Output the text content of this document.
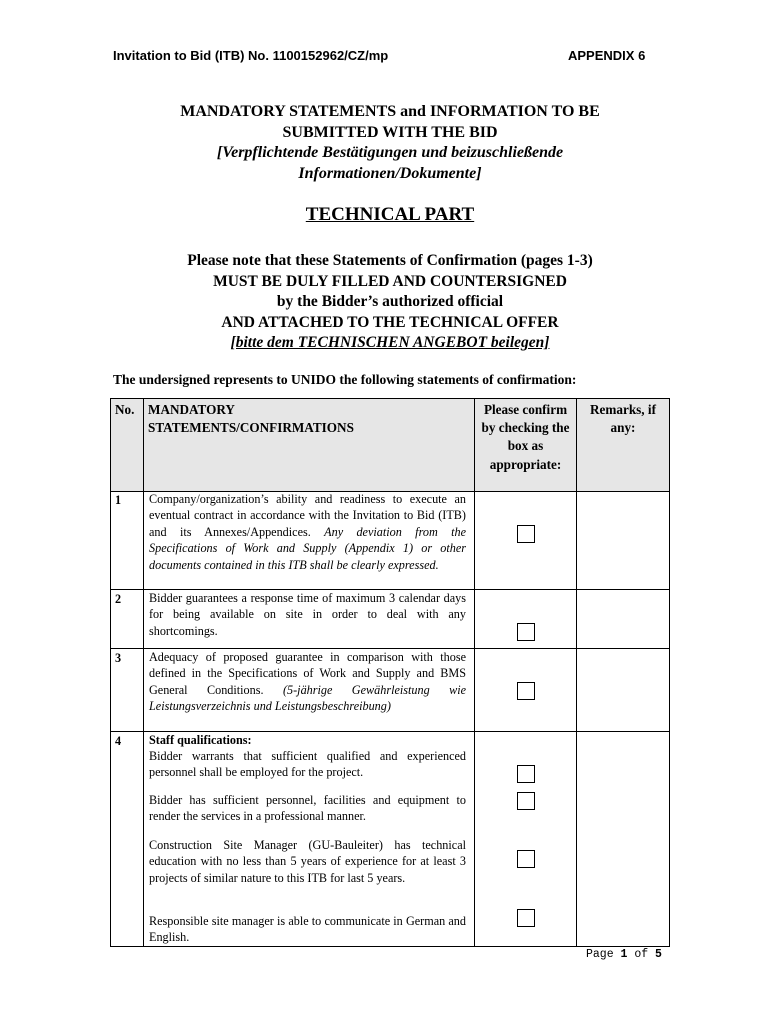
Invitation to Bid (ITB) No. 1100152962/CZ/mp	APPENDIX 6
MANDATORY STATEMENTS and INFORMATION TO BE
SUBMITTED WITH THE BID
[Verpflichtende Bestätigungen und beizuschließende
Informationen/Dokumente]
TECHNICAL PART
Please note that these Statements of Confirmation (pages 1-3)
MUST BE DULY FILLED AND COUNTERSIGNED
by the Bidder’s authorized official
AND ATTACHED TO THE TECHNICAL OFFER
[bitte dem TECHNISCHEN ANGEBOT beilegen]
The undersigned represents to UNIDO the following statements of confirmation:
No. MANDATORY STATEMENTS/CONFIRMATIONS
Please confirm by checking the box as appropriate:
Remarks, if any:
1 Company/organization’s ability and readiness to execute an eventual contract in accordance with the Invitation to Bid (ITB) and its Annexes/Appendices. Any deviation from the Specifications of Work and Supply (Appendix 1) or other documents contained in this ITB shall be clearly expressed.
2 Bidder guarantees a response time of maximum 3 calendar days for being available on site in order to deal with any shortcomings.
3 Adequacy of proposed guarantee in comparison with those defined in the Specifications of Work and Supply and BMS General Conditions. (5-jährige Gewährleistung wie Leistungsverzeichnis und Leistungsbeschreibung)
4 Staff qualifications:
Bidder warrants that sufficient qualified and experienced personnel shall be employed for the project.
Bidder has sufficient personnel, facilities and equipment to render the services in a professional manner.
Construction Site Manager (GU-Bauleiter) has technical education with no less than 5 years of experience for at least 3 projects of similar nature to this ITB for last 5 years.
Responsible site manager is able to communicate in German and English.
Page 1 of 5
